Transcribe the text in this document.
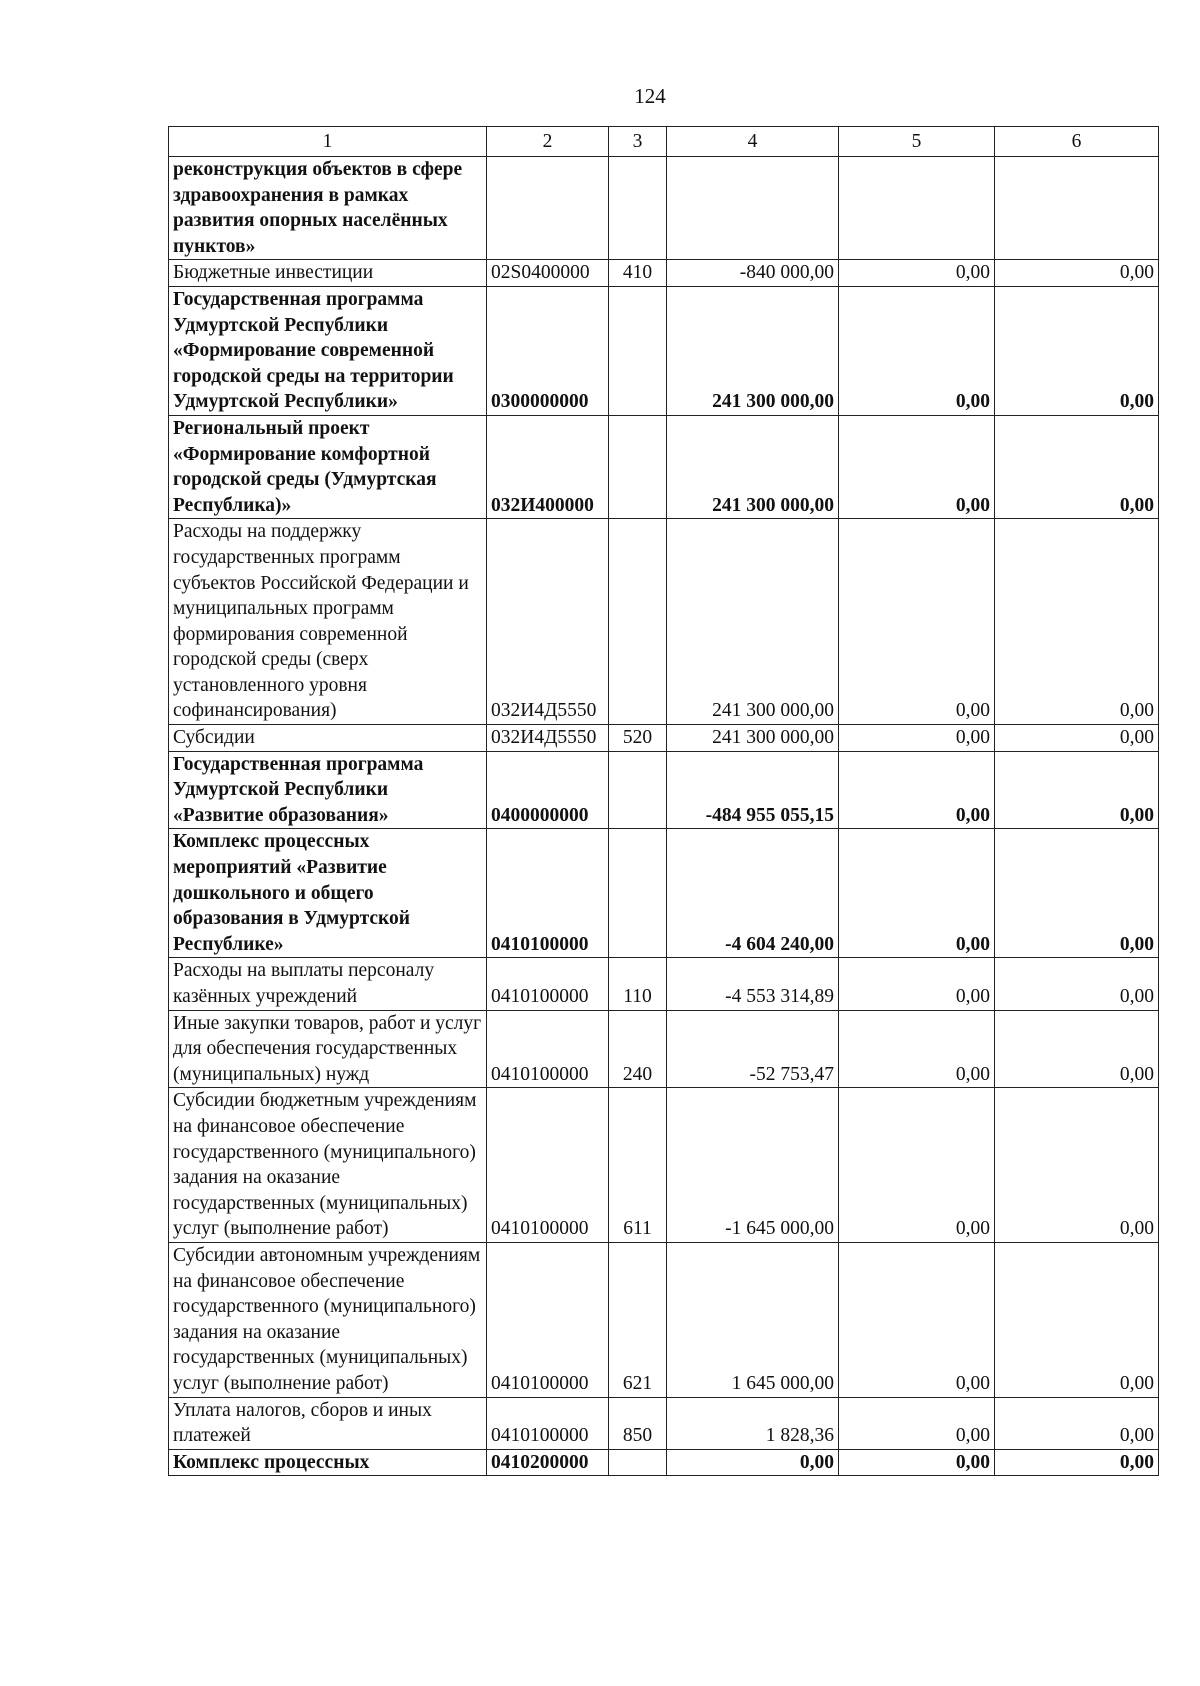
124
1	2	3	4	5	6
реконструкция объектов в сфере здравоохранения в рамках развития опорных населённых пунктов»					
Бюджетные инвестиции	02S0400000	410	-840 000,00	0,00	0,00
Государственная программа Удмуртской Республики «Формирование современной городской среды на территории Удмуртской Республики»	0300000000		241 300 000,00	0,00	0,00
Региональный проект «Формирование комфортной городской среды (Удмуртская Республика)»	032И400000		241 300 000,00	0,00	0,00
Расходы на поддержку государственных программ субъектов Российской Федерации и муниципальных программ формирования современной городской среды (сверх установленного уровня софинансирования)	032И4Д5550		241 300 000,00	0,00	0,00
Субсидии	032И4Д5550	520	241 300 000,00	0,00	0,00
Государственная программа Удмуртской Республики «Развитие образования»	0400000000		-484 955 055,15	0,00	0,00
Комплекс процессных мероприятий «Развитие дошкольного и общего образования в Удмуртской Республике»	0410100000		-4 604 240,00	0,00	0,00
Расходы на выплаты персоналу казённых учреждений	0410100000	110	-4 553 314,89	0,00	0,00
Иные закупки товаров, работ и услуг для обеспечения государственных (муниципальных) нужд	0410100000	240	-52 753,47	0,00	0,00
Субсидии бюджетным учреждениям на финансовое обеспечение государственного (муниципального) задания на оказание государственных (муниципальных) услуг (выполнение работ)	0410100000	611	-1 645 000,00	0,00	0,00
Субсидии автономным учреждениям на финансовое обеспечение государственного (муниципального) задания на оказание государственных (муниципальных) услуг (выполнение работ)	0410100000	621	1 645 000,00	0,00	0,00
Уплата налогов, сборов и иных платежей	0410100000	850	1 828,36	0,00	0,00
Комплекс процессных	0410200000		0,00	0,00	0,00
